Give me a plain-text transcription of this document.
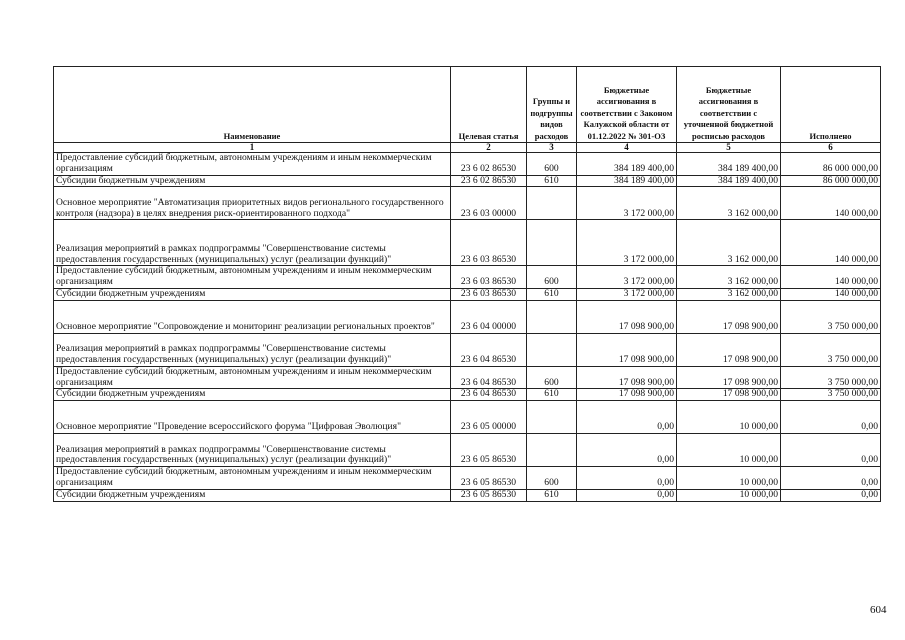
Наименование	Целевая статья	Группы и подгруппы видов расходов	Бюджетные ассигнования в соответствии с Законом Калужской области от 01.12.2022 № 301-ОЗ	Бюджетные ассигнования в соответствии с уточненной бюджетной росписью расходов	Исполнено
1	2	3	4	5	6
Предоставление субсидий бюджетным, автономным учреждениям и иным некоммерческим организациям	23 6 02 86530	600	384 189 400,00	384 189 400,00	86 000 000,00
Субсидии бюджетным учреждениям	23 6 02 86530	610	384 189 400,00	384 189 400,00	86 000 000,00
Основное мероприятие "Автоматизация приоритетных видов регионального государственного контроля (надзора) в целях внедрения риск-ориентированного подхода"	23 6 03 00000		3 172 000,00	3 162 000,00	140 000,00
Реализация мероприятий в рамках подпрограммы "Совершенствование системы предоставления государственных (муниципальных) услуг (реализации функций)"	23 6 03 86530		3 172 000,00	3 162 000,00	140 000,00
Предоставление субсидий бюджетным, автономным учреждениям и иным некоммерческим организациям	23 6 03 86530	600	3 172 000,00	3 162 000,00	140 000,00
Субсидии бюджетным учреждениям	23 6 03 86530	610	3 172 000,00	3 162 000,00	140 000,00
Основное мероприятие "Сопровождение и мониторинг реализации региональных проектов"	23 6 04 00000		17 098 900,00	17 098 900,00	3 750 000,00
Реализация мероприятий в рамках подпрограммы "Совершенствование системы предоставления государственных (муниципальных) услуг (реализации функций)"	23 6 04 86530		17 098 900,00	17 098 900,00	3 750 000,00
Предоставление субсидий бюджетным, автономным учреждениям и иным некоммерческим организациям	23 6 04 86530	600	17 098 900,00	17 098 900,00	3 750 000,00
Субсидии бюджетным учреждениям	23 6 04 86530	610	17 098 900,00	17 098 900,00	3 750 000,00
Основное мероприятие "Проведение всероссийского форума "Цифровая Эволюция"	23 6 05 00000		0,00	10 000,00	0,00
Реализация мероприятий в рамках подпрограммы "Совершенствование системы предоставления государственных (муниципальных) услуг (реализации функций)"	23 6 05 86530		0,00	10 000,00	0,00
Предоставление субсидий бюджетным, автономным учреждениям и иным некоммерческим организациям	23 6 05 86530	600	0,00	10 000,00	0,00
Субсидии бюджетным учреждениям	23 6 05 86530	610	0,00	10 000,00	0,00
604
